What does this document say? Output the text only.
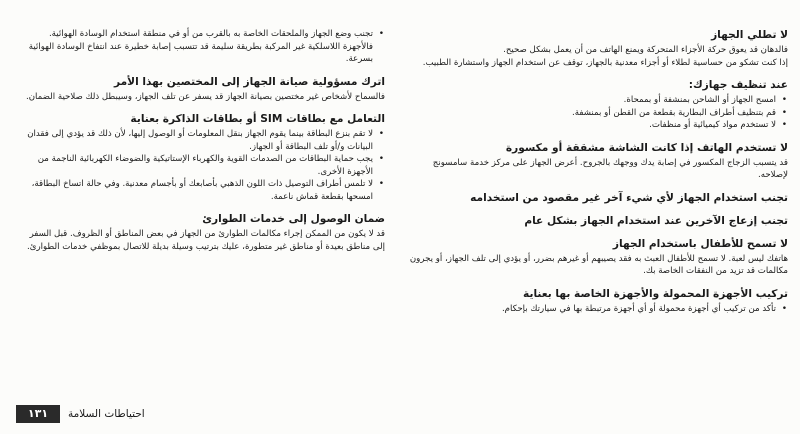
لا تطلي الجهاز

فالدهان قد يعوق حركة الأجزاء المتحركة ويمنع الهاتف من أن يعمل بشكل صحيح.

إذا كنت تشكو من حساسية لطلاء أو أجزاء معدنية بالجهاز، توقف عن استخدام الجهاز واستشارة الطبيب.

عند تنظيف جهازك:
• امسح الجهاز أو الشاحن بمنشفة أو بممحاة.
• قم بتنظيف أطراف البطارية بقطعة من القطن أو بمنشفة.
• لا تستخدم مواد كيميائية أو منظفات.
لا تستخدم الهاتف إذا كانت الشاشة مشققة أو مكسورة

قد يتسبب الزجاج المكسور في إصابة يدك ووجهك بالجروح. أعرض الجهاز على مركز خدمة سامسونج لإصلاحه.

تجنب استخدام الجهاز لأي شيء آخر غير مقصود من استخدامه
تجنب إزعاج الآخرين عند استخدام الجهاز بشكل عام
لا تسمح للأطفال باستخدام الجهاز

هاتفك ليس لعبة. لا تسمح للأطفال العبث به فقد يصيبهم أو غيرهم بضرر، أو يؤدي إلى تلف الجهاز، أو يجرون مكالمات قد تزيد من النفقات الخاصة بك.

تركيب الأجهزة المحمولة والأجهزة الخاصة بها بعناية
• تأكد من تركيب أي أجهزة محمولة أو أي أجهزة مرتبطة بها في سيارتك بإحكام.
• تجنب وضع الجهاز والملحقات الخاصة به بالقرب من أو في منطقة استخدام الوسادة الهوائية. فالأجهزة اللاسلكية غير المركبة بطريقة سليمة قد تتسبب إصابة خطيرة عند انتفاخ الوسادة الهوائية بسرعة.
اترك مسؤولية صيانة الجهاز إلى المختصين بهذا الأمر

فالسماح لأشخاص غير مختصين بصيانة الجهاز قد يسفر عن تلف الجهاز، وسيبطل ذلك صلاحية الضمان.

التعامل مع بطاقات SIM أو بطاقات الذاكرة بعناية
• لا تقم بنزع البطاقة بينما يقوم الجهاز بنقل المعلومات أو الوصول إليها، لأن ذلك قد يؤدي إلى فقدان البيانات و/أو تلف البطاقة أو الجهاز.
• يجب حماية البطاقات من الصدمات القوية والكهرباء الإستاتيكية والضوضاء الكهربائية الناجمة من الأجهزة الأخرى.
• لا تلمس أطراف التوصيل ذات اللون الذهبي بأصابعك أو بأجسام معدنية. وفي حالة اتساخ البطاقة، امسحها بقطعة قماش ناعمة.
ضمان الوصول إلى خدمات الطوارئ

قد لا يكون من الممكن إجراء مكالمات الطوارئ من الجهاز في بعض المناطق أو الظروف. قبل السفر إلى مناطق بعيدة أو مناطق غير متطورة، عليك بترتيب وسيلة بديلة للاتصال بموظفي خدمات الطوارئ.

١٣١	احتياطات السلامة
